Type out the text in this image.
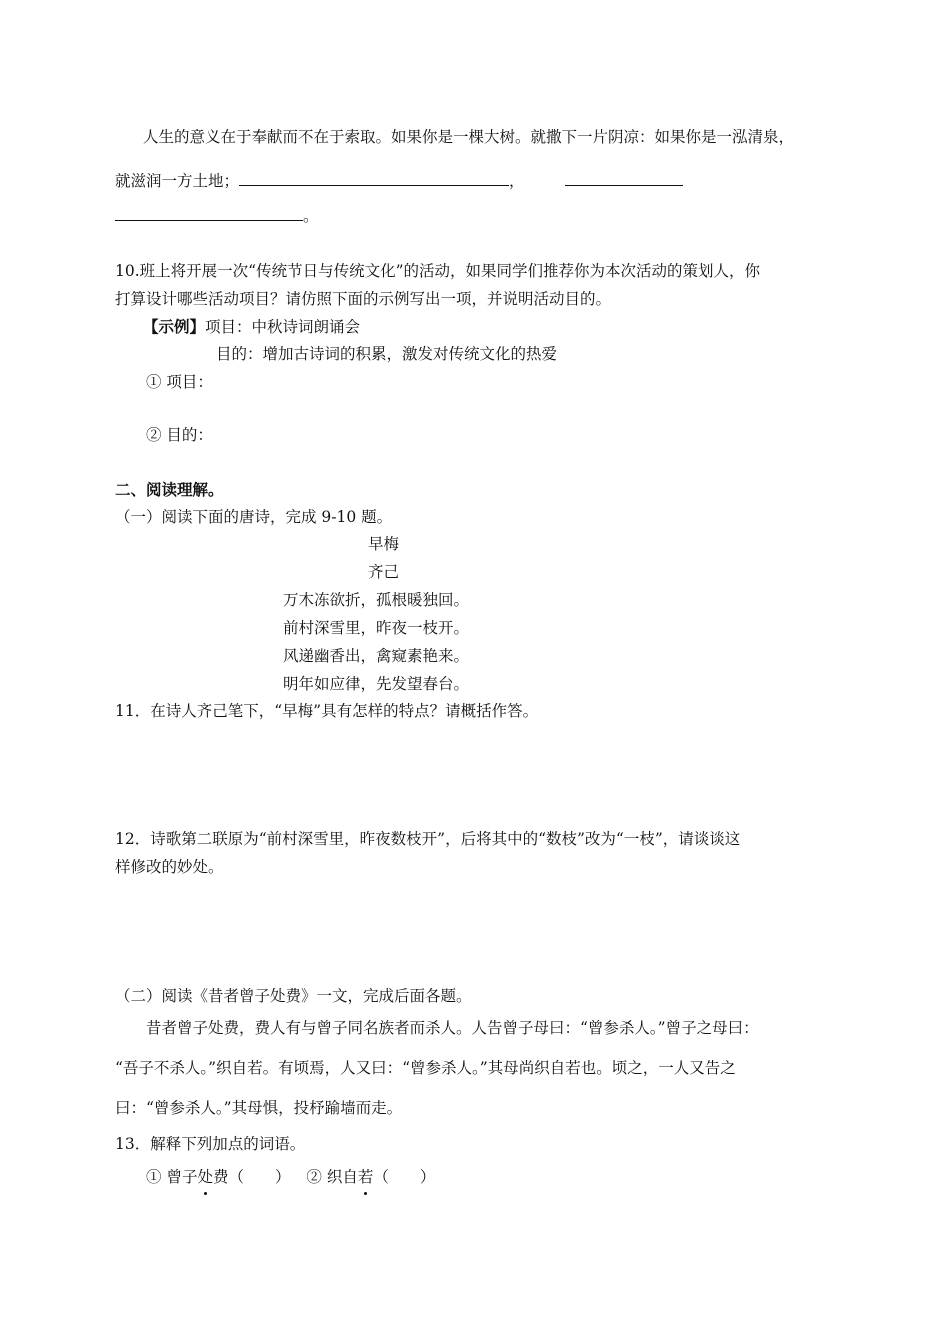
人生的意义在于奉献而不在于索取。如果你是一棵大树。就撒下一片阴凉：如果你是一泓清泉，
就滋润一方土地；	，
。
10.班上将开展一次“传统节日与传统文化”的活动，如果同学们推荐你为本次活动的策划人，你
打算设计哪些活动项目？请仿照下面的示例写出一项，并说明活动目的。
【示例】项目：中秋诗词朗诵会
目的：增加古诗词的积累，激发对传统文化的热爱
① 项目：
② 目的：
二、阅读理解。
（一）阅读下面的唐诗，完成 9-10 题。
早梅
齐己
万木冻欲折，孤根暖独回。
前村深雪里，昨夜一枝开。
风递幽香出，禽窥素艳来。
明年如应律，先发望春台。
11．在诗人齐己笔下，“早梅”具有怎样的特点？请概括作答。
12．诗歌第二联原为“前村深雪里，昨夜数枝开”，后将其中的“数枝”改为“一枝”，请谈谈这
样修改的妙处。
（二）阅读《昔者曾子处费》一文，完成后面各题。
昔者曾子处费，费人有与曾子同名族者而杀人。人告曾子母曰：“曾参杀人。”曾子之母曰：
“吾子不杀人。”织自若。有顷焉，人又曰：“曾参杀人。”其母尚织自若也。顷之，一人又告之
曰：“曾参杀人。”其母惧，投杼踰墙而走。
13．解释下列加点的词语。
① 曾子处费（　　） ② 织自若（　　）
